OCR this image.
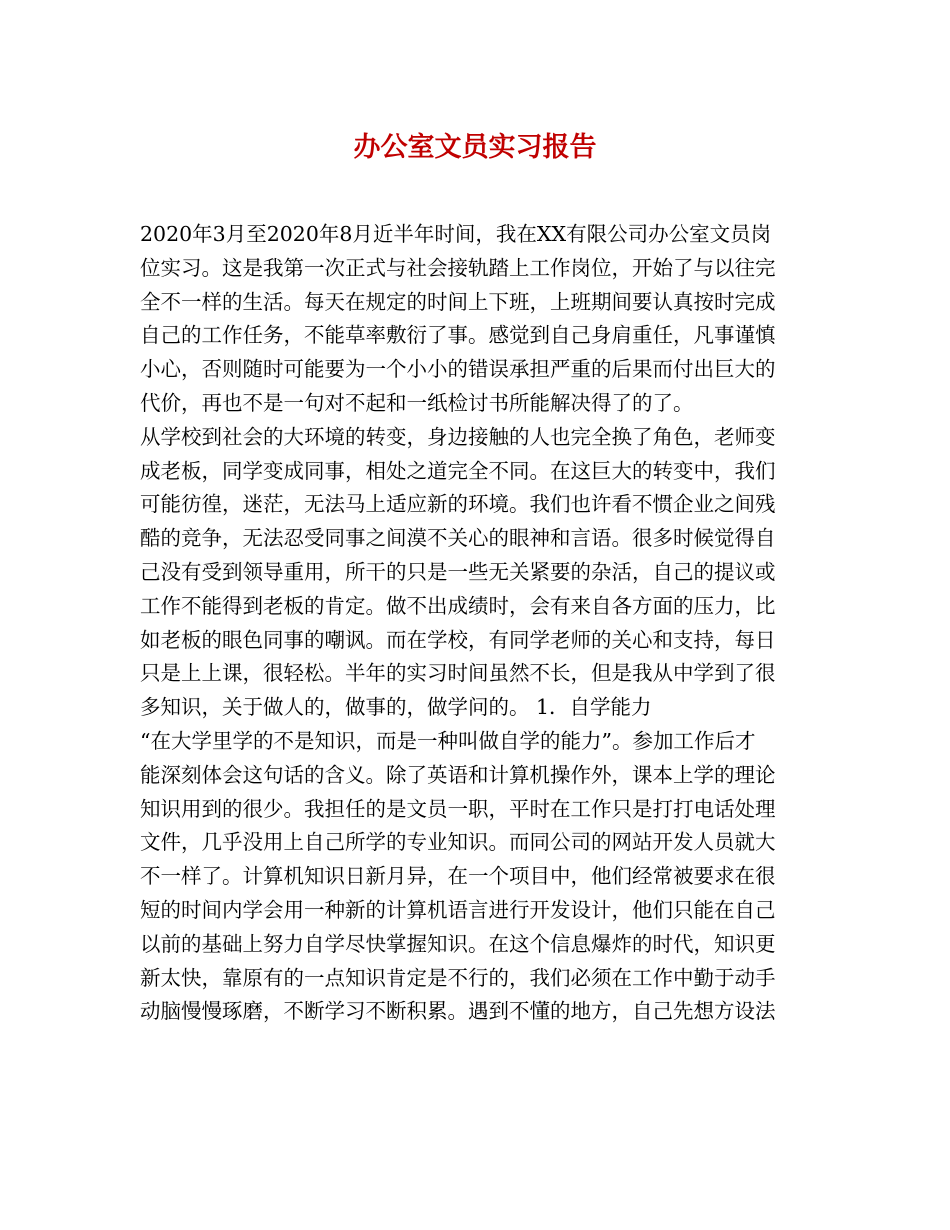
办公室文员实习报告
2020年3月至2020年8月近半年时间，我在XX有限公司办公室文员岗
位实习。这是我第一次正式与社会接轨踏上工作岗位，开始了与以往完
全不一样的生活。每天在规定的时间上下班，上班期间要认真按时完成
自己的工作任务，不能草率敷衍了事。感觉到自己身肩重任，凡事谨慎
小心，否则随时可能要为一个小小的错误承担严重的后果而付出巨大的
代价，再也不是一句对不起和一纸检讨书所能解决得了的了。
从学校到社会的大环境的转变，身边接触的人也完全换了角色，老师变
成老板，同学变成同事，相处之道完全不同。在这巨大的转变中，我们
可能彷徨，迷茫，无法马上适应新的环境。我们也许看不惯企业之间残
酷的竞争，无法忍受同事之间漠不关心的眼神和言语。很多时候觉得自
己没有受到领导重用，所干的只是一些无关紧要的杂活，自己的提议或
工作不能得到老板的肯定。做不出成绩时，会有来自各方面的压力，比
如老板的眼色同事的嘲讽。而在学校，有同学老师的关心和支持，每日
只是上上课，很轻松。半年的实习时间虽然不长，但是我从中学到了很
多知识，关于做人的，做事的，做学问的。 1．自学能力
“在大学里学的不是知识，而是一种叫做自学的能力”。参加工作后才
能深刻体会这句话的含义。除了英语和计算机操作外，课本上学的理论
知识用到的很少。我担任的是文员一职，平时在工作只是打打电话处理
文件，几乎没用上自己所学的专业知识。而同公司的网站开发人员就大
不一样了。计算机知识日新月异，在一个项目中，他们经常被要求在很
短的时间内学会用一种新的计算机语言进行开发设计，他们只能在自己
以前的基础上努力自学尽快掌握知识。在这个信息爆炸的时代，知识更
新太快，靠原有的一点知识肯定是不行的，我们必须在工作中勤于动手
动脑慢慢琢磨，不断学习不断积累。遇到不懂的地方，自己先想方设法
